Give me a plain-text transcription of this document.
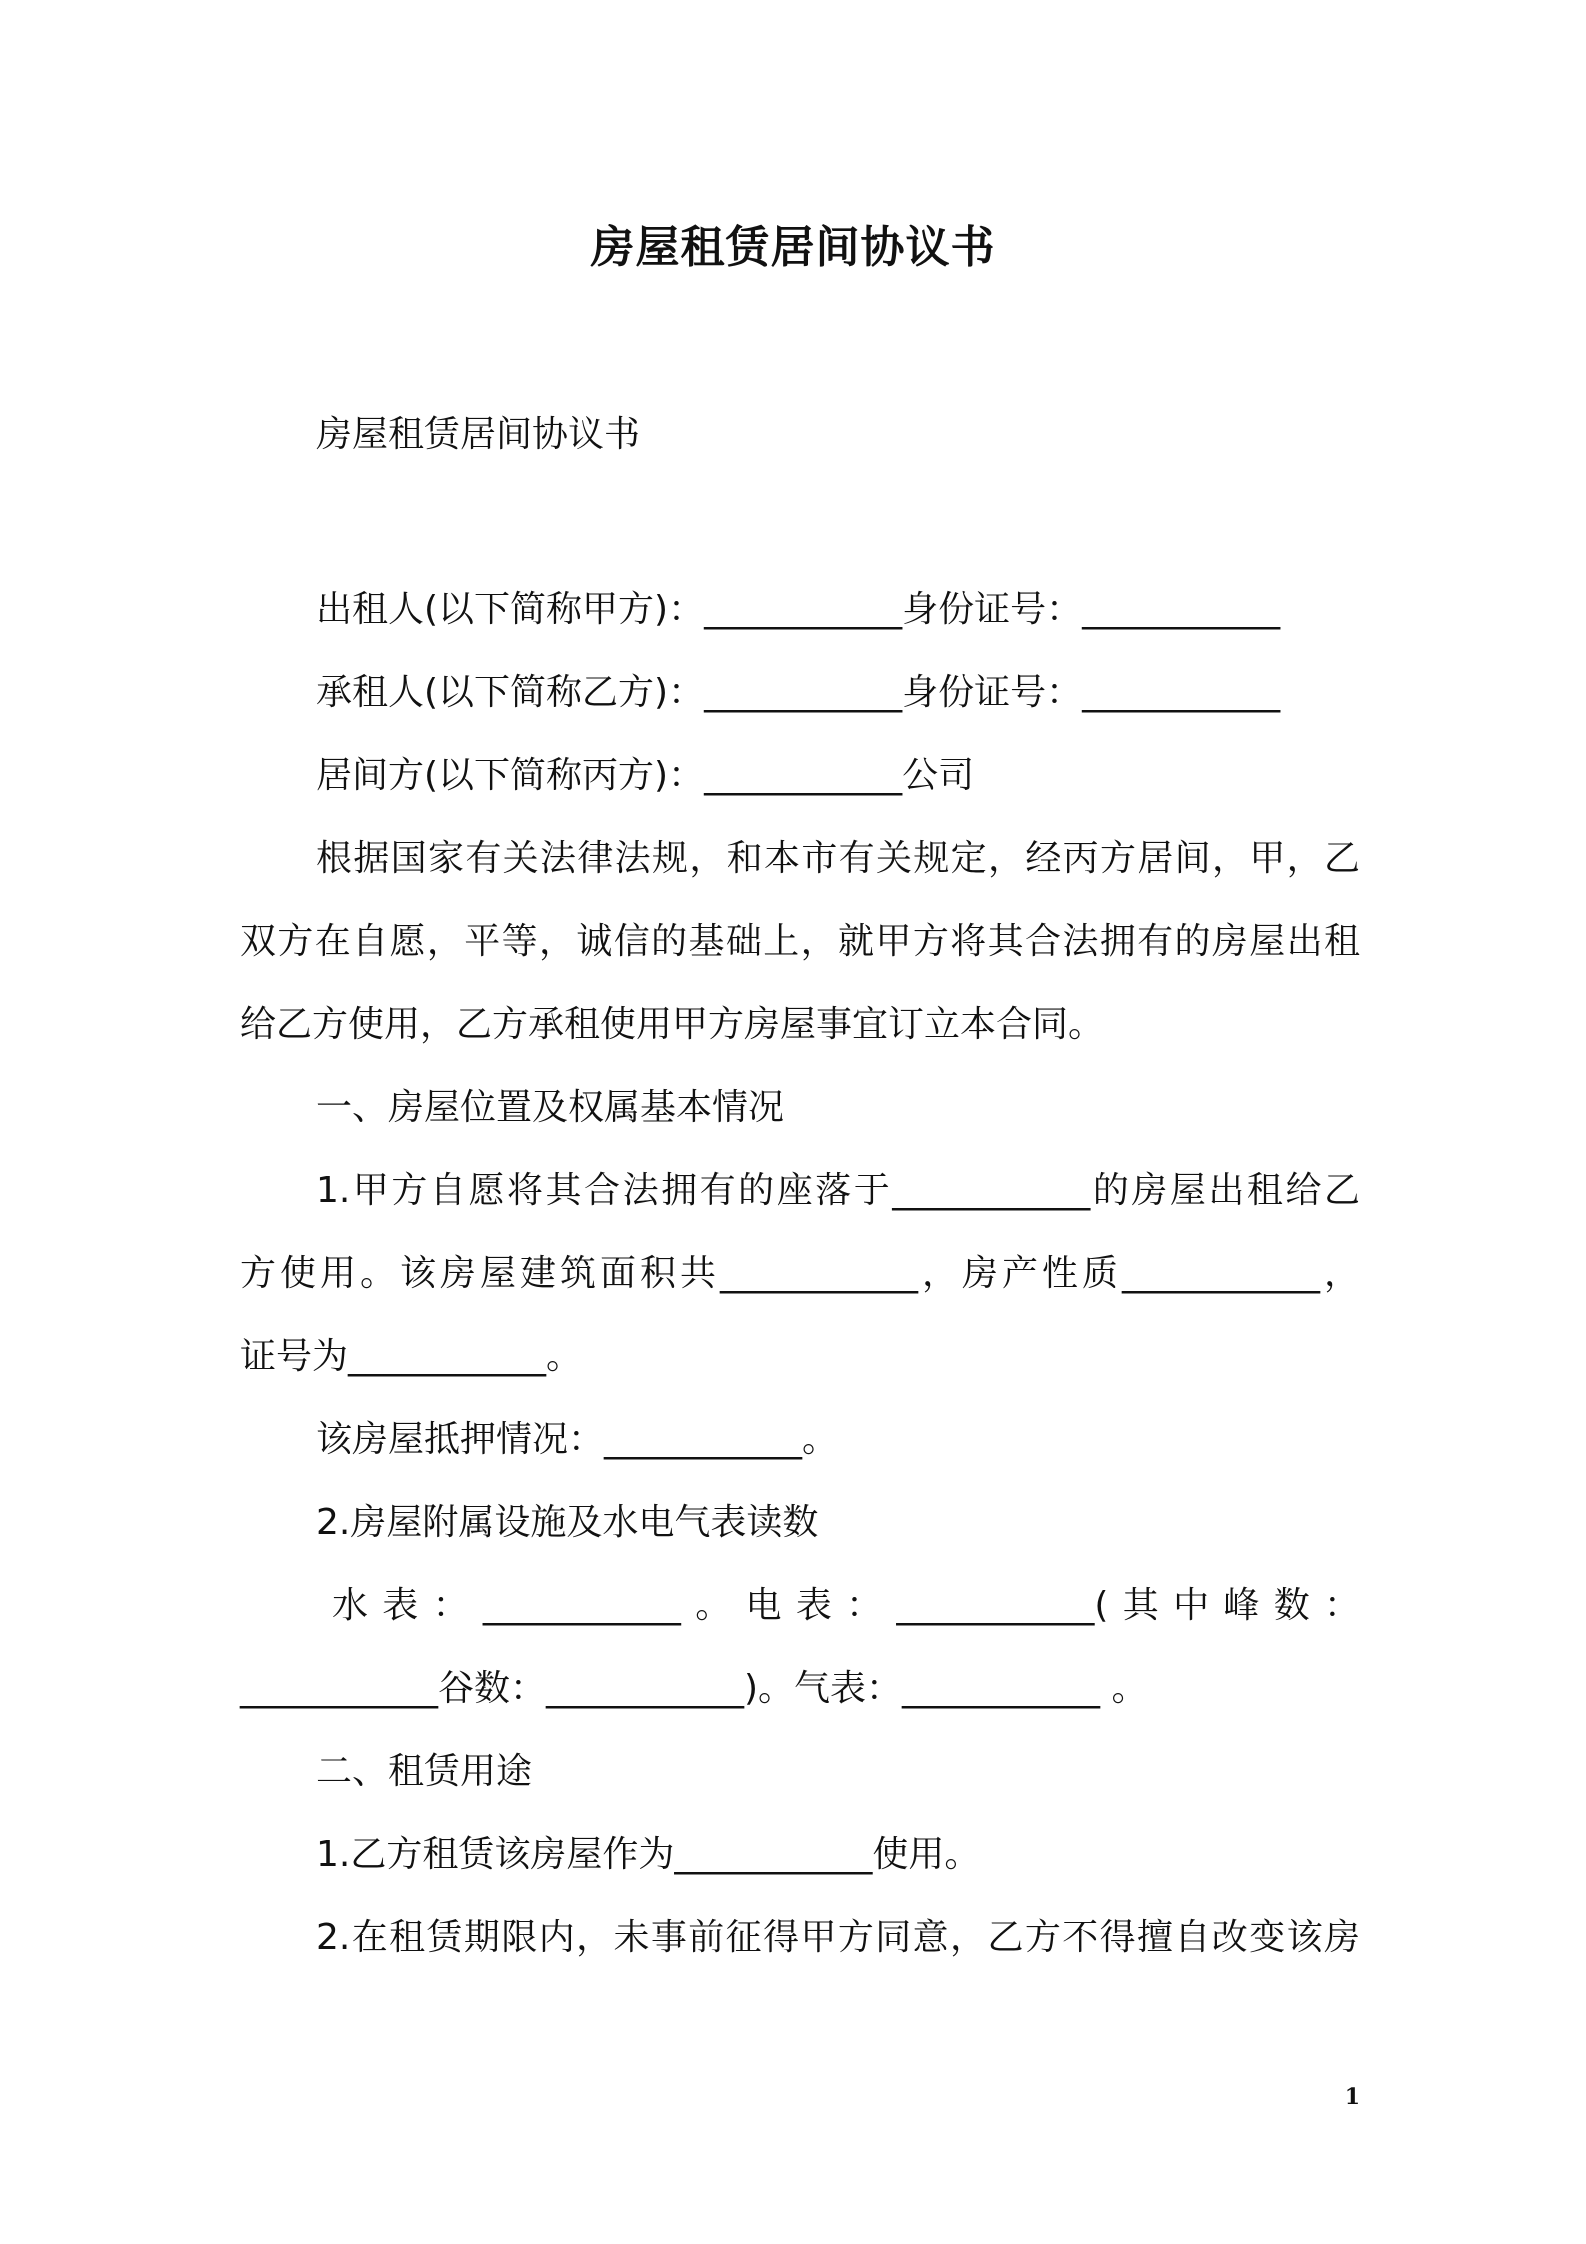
房屋租赁居间协议书
房屋租赁居间协议书
出租人(以下简称甲方)：___________身份证号：___________
承租人(以下简称乙方)：___________身份证号：___________
居间方(以下简称丙方)：___________公司
根据国家有关法律法规，和本市有关规定，经丙方居间，甲，乙
双方在自愿，平等，诚信的基础上，就甲方将其合法拥有的房屋出租
给乙方使用，乙方承租使用甲方房屋事宜订立本合同。
一、房屋位置及权属基本情况
1.甲方自愿将其合法拥有的座落于___________的房屋出租给乙
方使用。该房屋建筑面积共___________，房产性质___________，
证号为___________。
该房屋抵押情况：___________。
2.房屋附属设施及水电气表读数
水表：___________。电表：___________(其中峰数：
___________谷数：___________)。气表：___________ 。
二、租赁用途
1.乙方租赁该房屋作为___________使用。
2.在租赁期限内，未事前征得甲方同意，乙方不得擅自改变该房
1
